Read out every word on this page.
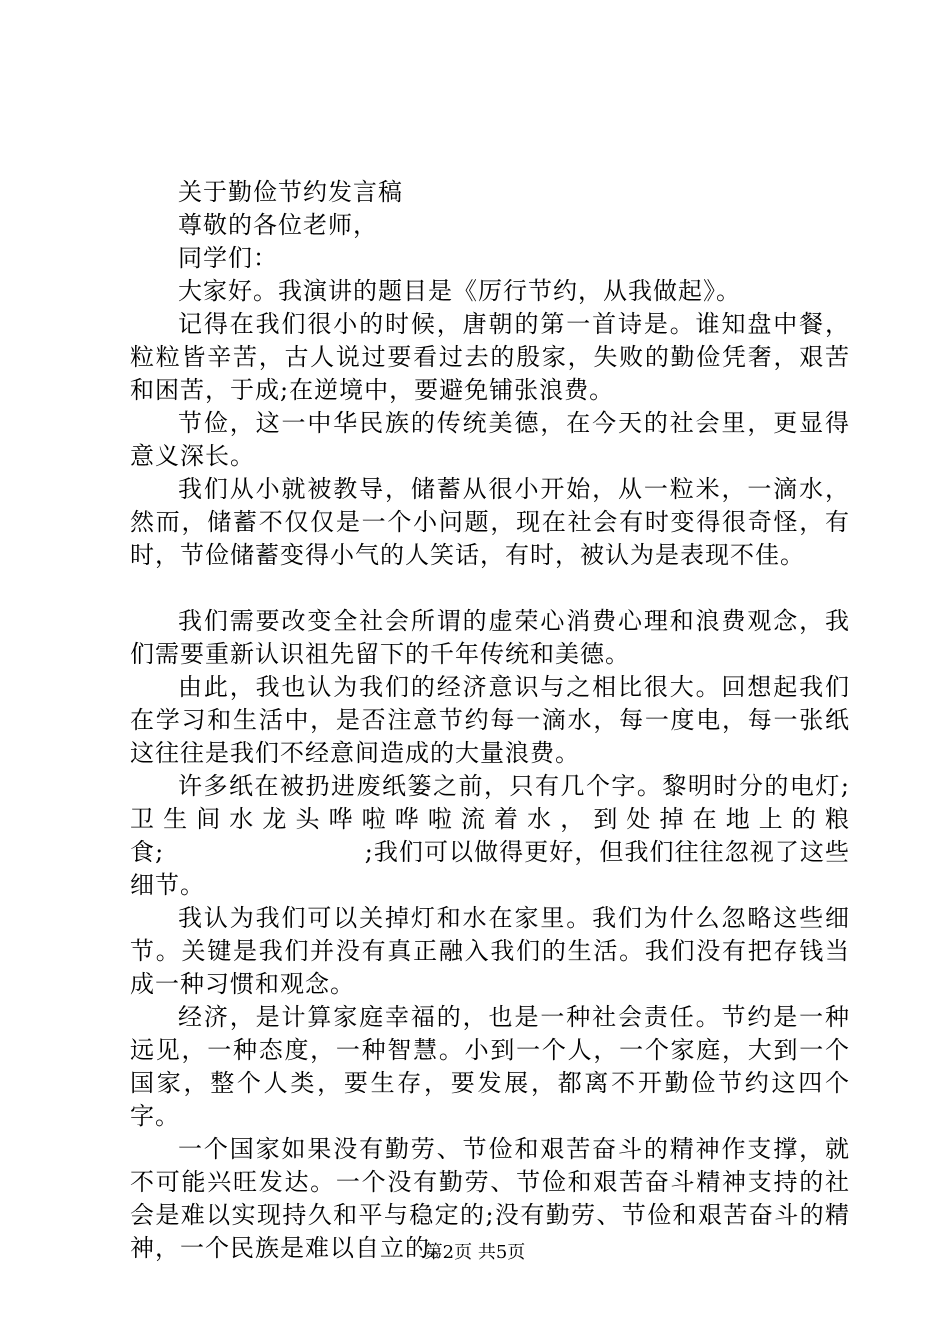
关于勤俭节约发言稿

尊敬的各位老师，

同学们：

大家好。我演讲的题目是《厉行节约，从我做起》。

记得在我们很小的时候，唐朝的第一首诗是。谁知盘中餐，粒粒皆辛苦，古人说过要看过去的殷家，失败的勤俭凭奢，艰苦和困苦，于成;在逆境中，要避免铺张浪费。

节俭，这一中华民族的传统美德，在今天的社会里，更显得意义深长。

我们从小就被教导，储蓄从很小开始，从一粒米，一滴水，然而，储蓄不仅仅是一个小问题，现在社会有时变得很奇怪，有时，节俭储蓄变得小气的人笑话，有时，被认为是表现不佳。

我们需要改变全社会所谓的虚荣心消费心理和浪费观念，我们需要重新认识祖先留下的千年传统和美德。

由此，我也认为我们的经济意识与之相比很大。回想起我们在学习和生活中，是否注意节约每一滴水，每一度电，每一张纸这往往是我们不经意间造成的大量浪费。

许多纸在被扔进废纸篓之前，只有几个字。黎明时分的电灯;卫生间水龙头哗啦哗啦流着水，到处掉在地上的粮食;　　　　　　　　;我们可以做得更好，但我们往往忽视了这些细节。

我认为我们可以关掉灯和水在家里。我们为什么忽略这些细节。关键是我们并没有真正融入我们的生活。我们没有把存钱当成一种习惯和观念。

经济，是计算家庭幸福的，也是一种社会责任。节约是一种远见，一种态度，一种智慧。小到一个人，一个家庭，大到一个国家，整个人类，要生存，要发展，都离不开勤俭节约这四个字。

一个国家如果没有勤劳、节俭和艰苦奋斗的精神作支撑，就不可能兴旺发达。一个没有勤劳、节俭和艰苦奋斗精神支持的社会是难以实现持久和平与稳定的;没有勤劳、节俭和艰苦奋斗的精神，一个民族是难以自立的。

第2页 共5页
